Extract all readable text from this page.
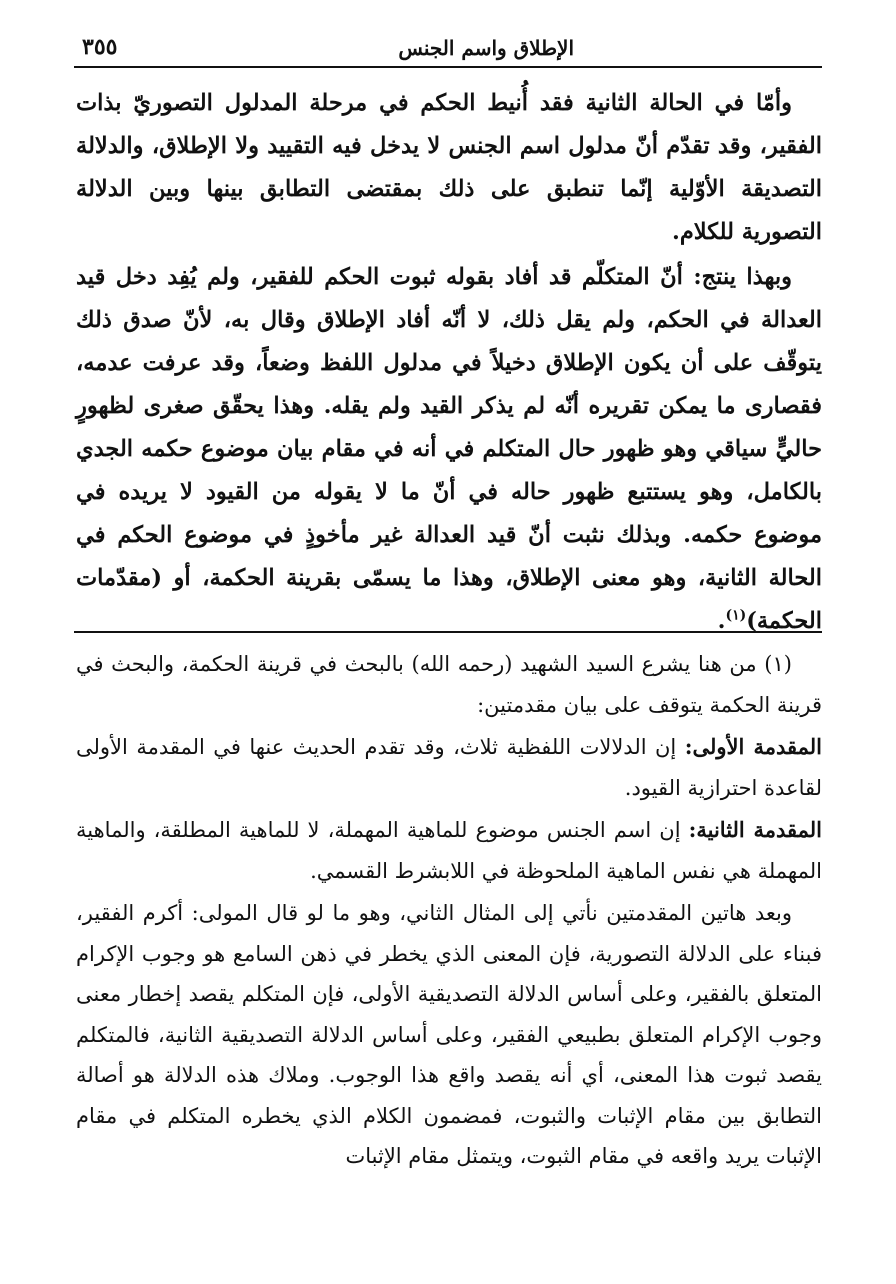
الإطلاق واسم الجنس
٣٥٥

وأمّا في الحالة الثانية فقد أُنيط الحكم في مرحلة المدلول التصوريّ بذات الفقير، وقد تقدّم أنّ مدلول اسم الجنس لا يدخل فيه التقييد ولا الإطلاق، والدلالة التصديقة الأوّلية إنّما تنطبق على ذلك بمقتضى التطابق بينها وبين الدلالة التصورية للكلام.

وبهذا ينتج: أنّ المتكلّم قد أفاد بقوله ثبوت الحكم للفقير، ولم يُفِد دخل قيد العدالة في الحكم، ولم يقل ذلك، لا أنّه أفاد الإطلاق وقال به، لأنّ صدق ذلك يتوقّف على أن يكون الإطلاق دخيلاً في مدلول اللفظ وضعاً، وقد عرفت عدمه، فقصارى ما يمكن تقريره أنّه لم يذكر القيد ولم يقله. وهذا يحقّق صغرى لظهورٍ حاليٍّ سياقي وهو ظهور حال المتكلم في أنه في مقام بيان موضوع حكمه الجدي بالكامل، وهو يستتبع ظهور حاله في أنّ ما لا يقوله من القيود لا يريده في موضوع حكمه. وبذلك نثبت أنّ قيد العدالة غير مأخوذٍ في موضوع الحكم في الحالة الثانية، وهو معنى الإطلاق، وهذا ما يسمّى بقرينة الحكمة، أو (مقدّمات الحكمة)$^{(١)}$.

(١) من هنا يشرع السيد الشهيد (رحمه الله) بالبحث في قرينة الحكمة، والبحث في قرينة الحكمة يتوقف على بيان مقدمتين:

المقدمة الأولى: إن الدلالات اللفظية ثلاث، وقد تقدم الحديث عنها في المقدمة الأولى لقاعدة احترازية القيود.

المقدمة الثانية: إن اسم الجنس موضوع للماهية المهملة، لا للماهية المطلقة، والماهية المهملة هي نفس الماهية الملحوظة في اللابشرط القسمي.

وبعد هاتين المقدمتين نأتي إلى المثال الثاني، وهو ما لو قال المولى: أكرم الفقير، فبناء على الدلالة التصورية، فإن المعنى الذي يخطر في ذهن السامع هو وجوب الإكرام المتعلق بالفقير، وعلى أساس الدلالة التصديقية الأولى، فإن المتكلم يقصد إخطار معنى وجوب الإكرام المتعلق بطبيعي الفقير، وعلى أساس الدلالة التصديقية الثانية، فالمتكلم يقصد ثبوت هذا المعنى، أي أنه يقصد واقع هذا الوجوب. وملاك هذه الدلالة هو أصالة التطابق بين مقام الإثبات والثبوت، فمضمون الكلام الذي يخطره المتكلم في مقام الإثبات يريد واقعه في مقام الثبوت، ويتمثل مقام الإثبات
